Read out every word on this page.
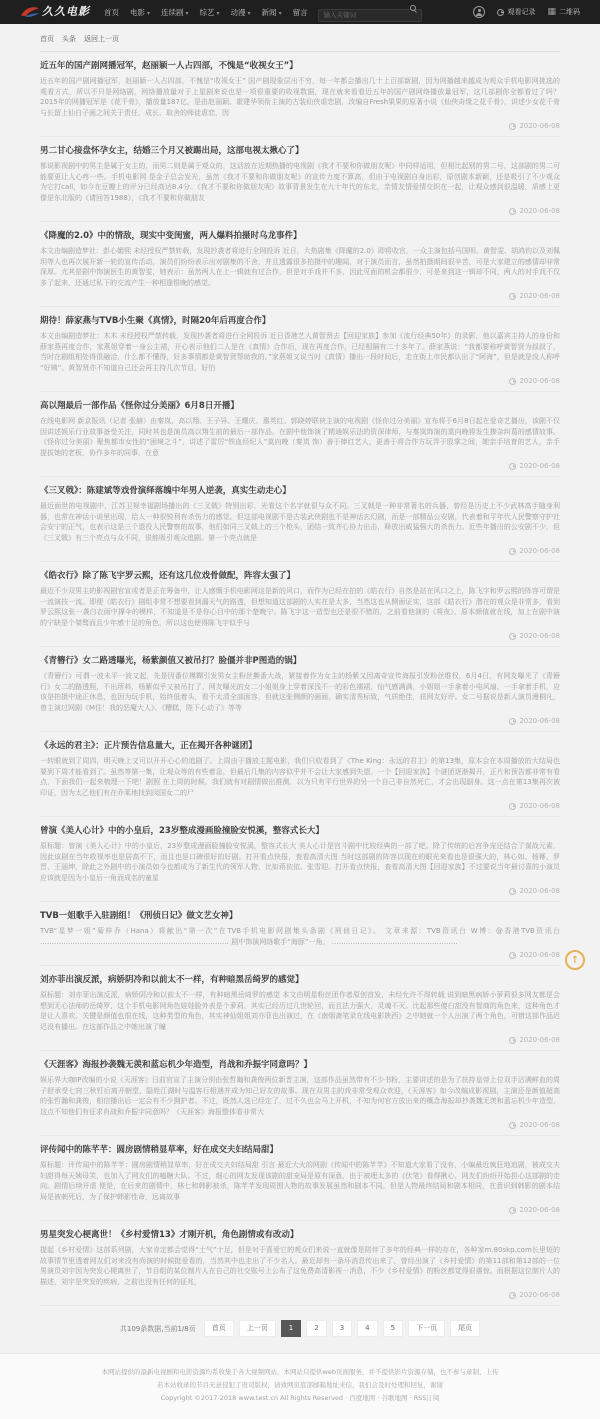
久久电影 首页 电影 ▾	连续剧 ▾	综艺 ▾	动漫 ▾	新闻 ▾	留言
输入关键词	观看记录 ▦ 二维码
首页 头条 返回上一页
近五年的国产剧网播冠军，赵丽颖一人占四部，不愧是“收视女王”】

近五年的国产剧网播冠军，赵丽颖一人占四部，不愧是“收视女王” 国产剧现象层出不穷，每一年都会播出几十上百部新剧，因为网播越来越成为观众手机电影网挑选的观看方式，所以不只是网络剧，网络播放量对于上星剧来说也是一项很重要的收视数据，现在就来看看近五年的国产剧网络播放量冠军，这几部剧你全都看过了吗？2015年的网播冠军是《花千骨》，播放量187亿，是由赵丽颖、霍建华领衔主演的古装仙侠虐恋剧，改编自Fresh果果的原著小说《仙侠奇缘之花千骨》，讲述少女花千骨与长留上仙白子画之间关于责任、成长、取舍的师徒虐恋，因

2020-06-08
男二甘心接盘怀孕女主，结婚三个月又被踢出局，这部电视太揪心了】

都说影视剧中的男主是属于女主的，而男二则是属于观众的，这话放在近期热播的电视剧《我才不要和你做朋友呢》中同样适用，但相比起别的男二号，这部剧的男二可能要更让人心疼一些。手机电影网 是金子总会发光，虽然《我才不要和你做朋友呢》的宣传力度不算高，但由于电视剧自身出彩，原创剧本新颖，还是吸引了不少观众为它打call，如今在豆瓣上的评分已经高达8.4分。《我才不要和你做朋友呢》故事背景发生在九十年代的东北，亲情友情爱情交织在一起，让观众感到很温暖，质感上更像是东北版的《请回答1988》，《我才不要和你做朋友

2020-06-08
《降魔的2.0》中的情敌，现实中变闺蜜，两人爆料拍摄时乌龙事件】

本文由编剧造梦社：彭心媚熙 未经授权严禁转载，发现抄袭者将进行全网投诉 近日，大热剧集《降魔的2.0》即将收官，一众主演包括马国明、黄智雯、胡鸿钧以及刘佩玥等人也再次展开新一轮的宣传活动，演员们纷纷表示出对剧集的不舍，并且透露很多拍摄中的趣闻，对于演员而言，虽然拍摄期间很辛苦，可是大家建立的感情却非常深厚。尤其是剧中饰演医生的黄智雯，她表示：虽然两人在上一辑就有过合作，但是对手戏并不多，因此见面的机会都很少，可是来到这一辑却不同，两人的对手戏不仅多了起来，还通过私下的交流产生一种相逢恨晚的感觉。

2020-06-08
期待！薛家燕与TVB小生聚《真情》，时隔20年后再度合作】

本文由编剧造梦社：木木 未经授权严禁转载，发现抄袭者将进行全网投诉 近日香港艺人黄智贤去【回迎家族】参加《流行经典50年》的录影，他以嘉宾主持人的身份和薛家燕再度合作，家燕姐穿着一身公主裙，开心表示他们二人是在《真情》合作后，现在再度合作，已经相隔有二十多年了。薛家燕说：“我都要称呼黄智贤为叔叔了，当时在剧组相处得很融洽，什么都不懂得，好多事情都是黄智贤帮助我的。”家燕姐又说当时《真情》播出一段时间后，走在街上市民都认出了“阿海”，但是就是没人称呼“好姨”。黄智贤亦不知道自己还会再主持几次节目，好怕

2020-06-08
高以翔最后一部作品《怪你过分美丽》6月8日开播】

在线电影网 新京报讯（记者 张赫）由秦岚、高以翔、王子异、王耀庆、惠英红、郭晓婷联袂主演的电视剧《怪你过分美丽》宣布将于6月8日起在爱奇艺播出，该剧不仅因讲述娱乐行业故事备受关注，同时其也是演员高以翔生前的最后一部作品。在剧中他饰演了精通娱乐法的资深律师，与秦岚饰演的莫向晚将发生掺杂纠葛的感情故事。《怪你过分美丽》聚焦都市女性的“困境之斗”，讲述了雷厉“铁血经纪人”莫向晚（秦岚 饰）善于捧红艺人，更善于将合作方玩弄于股掌之间，她亲手培育的艺人，亲手提拔她的老板，协作多年的同事，在意

2020-06-08
《三叉戟》：陈建斌等戏骨演绎落魄中年男人逆袭，真实生动走心】

最近面世的电视剧中，江苏卫视幸福剧场播出的《三叉戟》特别出彩，光看这个名字就很与众不同。三叉戟是一种非常著名的兵器，曾经是历史上不少武林高手随身利器，也常在神话小说里出现，给人一种很锐利有杀伤力的感觉。但这部电视剧不是古装武侠剧也不是神话玄幻剧，而是一部精品公安剧，代表着和平年代人民警察守护社会安宁的正气，也表示这是三个退役人民警察的故事，他们如同三叉戟上的三个枪头，团结一致齐心协力出击，释放出威猛强大的杀伤力。近些年播出的公安剧不少，但《三叉戟》有三个亮点与众不同，很能吸引观众追剧。第一个亮点就是

2020-06-08
《皓衣行》除了陈飞宇罗云熙，还有这几位戏骨做配，阵容太强了】

最近不少双男主的影视剧官宣或者是正在筹备中，让人感慨手机电影网这是新的风口，而作为已经在拍的《皓衣行》自然是站在风口之上，陈飞宇和罗云熙的阵容可谓是一流演技一流。即便《皓衣行》剧组非常不想要看到漏天气的路透，但想知道这部剧的人实在是太多，当然这也从侧面证实，这部《皓衣行》潜在的观众是非常多，看到罗云熙这张一袭白衣雨中撑伞的模样，不知道是不是你心目中的那个楚晚宁。陈飞宇这一造型也还是很不错的，之前看他演的《将夜》，原本颜值就在线，加上在剧中演的宁缺是个桀骜而且少年感十足的角色，所以这也使得陈飞宇似乎与

2020-06-08
《青簪行》女二路透曝光，杨紫颜值又被吊打？脸僵并非P图造的锅】

《青簪行》可谓一波未平一波又起，先是因番位模糊引发男女主粉丝撕番大战，紧接着作为女主的杨紫又因离奇宣传海报引发粉丝维权，6月4日，有网友曝光了《青簪行》女二的路透照，不出所料，杨紫似乎又被吊打了。网友曝光的女二小姐姐身上穿着深浅不一的彩色襦裙，仙气感满满，小姐姐一手拿着小电风扇，一手拿着手机，应该是拍摄中途正休息，也因为玩手机，始终低着头，看不太清全部面容，但就这张侧颜的画面，确实清秀标致，气质绝佳，获网友好评。女二号据说是新人演员漫桐凡，曾主演过网剧《M住！我的恶魔大人》、《糟糕，陛下心动了》等等

2020-06-08
《永远的君主》：正片预告信息量大，正在揭开各种谜团】

一转眼就到了周四，明天晚上又可以开开心心的追剧了。上周由于播放主题电影，我们只收看到了《The King：永远的君主》的第13集，原本会在本周播放的大结局也要到下周才能看到了。虽然等第一集，让观众等的有些着急，但最后几集的内容似乎并不会让大家感到失望。一个【回迎家族】个谜团逐渐揭开，正片和预告都非常有看点，下面我们一起来梳理一下吧！剧照 在上周的时候，我们就有对剧情做出推测，以为只有平行世界的另一个自己非自然死亡，才会出现副身。这一点在第13集再次被印证，因为太乙他们有在乔莱地找到闵国女二的尸

2020-06-08
曾演《美人心计》中的小皇后，23岁整成漫画脸撞脸安悦溪，整容式长大】

原标题：曾演《美人心计》中的小皇后，23岁整成漫画脸撞脸安悦溪，整容式长大 美人心计是宫斗剧中比较经典的一部了吧。除了传统的后宫争宠还结合了谋战元素，因此该剧在当年收视率也是居高不下，而且也是口碑很好的好剧。打开看点快报，查看高清大图 当时这部剧的阵容以现在的眼光来看也是很强大的，林心如、杨幂、罗晋、王丽坤，除此之外剧中的小演员如今也都成为了新生代的领军人物，比如蒋依依、张雪迎。打开看点快报，查看高清大图【回迎家族】不过要说当年最讨喜的小演员应该就是因为小皇后一角而成名的童星

2020-06-08
TVB一姐歌手入驻剧组！《刑侦日记》做文艺女神】

TVB“星梦一姐”菊梓乔（Hana）将献出“第一次”在TVB手机电影网剧集头条剧《刑侦日记》。 文章来源：TVB资讯台 W博：@香港TVB资讯台 ……………………………………………………………………… 剧中饰演网络歌手“海豚”一角。 ………………………………………………

2020-06-08
刘亦菲出演反派，病娇阴冷和以前太不一样，有种暗黑岳绮罗的感觉】

原标题：刘亦菲出演反派，病娇阴冷和以前太不一样，有种暗黑岳绮罗的感觉 本文由明星粉丝团作者原创首发，未经允许不得转载 说到暗黑病娇小萝莉很多网友都是会想到无心法师的岳绮罗，这个手机电影网角色娃娃脸外表是个萝莉，其实已经历过几世轮回，而且法力强大，灵魂不灭。比起那些傻白甜没有智商的角色来，这种角色才是让人喜欢，关键是颜值也很在线，这种类型的角色，其实神仙姐姐刘亦菲也出演过，在《南烟斋笔录在线电影陕西》之中她就一个人出演了两个角色，可惜这部作品迟迟没有播出。在这部作品之中她出演了瞳

2020-06-08
《天涯客》海报抄袭魏无羡和蓝忘机少年造型，肖战和乔振宇同意吗？】

娱乐界大咖IP改编的小说《天涯客》日前官宣了主演分别由张哲瀚和龚俊两位新晋主演，这部作品虽然带有不少书粉，主要讲述的是为了扶持皇帝上位双手沾满鲜血的周子舒承受七窍三秋钉后离开朝堂，隐姓江湖时与温客行相遇并成为知己好友的故事。现在双男主的戏非常受观众欢迎，《天涯客》如今改编成影视剧，主演还是颜值超高的张哲瀚和龚俊，相信播出后一定会有不少拥护者。不过，既然人选已经定了，过不久也会马上开机，不知为何官方放出来的概念海报却抄袭魏无羡和蓝忘机少年造型，这点不知他们有征求肖战和乔振宇同意吗？《天涯客》海报整体看非常大

2020-06-08
评传闻中的陈芊芊：圆房剧情稍显草率，好在成交夫妇结局甜】

原标题：评传闻中的陈芊芊：圆房剧情稍显草率，好在成交夫妇结局甜 引言 最近大火的网剧《传闻中的陈芊芊》不知道大家看了没有，小编最近疯狂地追剧，被成交夫妇甜得每天姨母笑，也加入了网友们的嗑糖大队。不过，细心的网友发现该剧的甜宠局是原有深意，由于被埋太多的《伏笔》看得揪心，网友们纷纷开始担心这部剧的走向。剧情后续开虐 便是，在后来的剧情中，林七和韩影被杀，陈芊芊发现周围人物的故事发展虽然和剧本不同，但是人物最终结局和剧本相同，在意识到韩影的剧本结局是被刺死后，为了保护韩影性命，远离故事

2020-06-08
男星突发心梗离世！《乡村爱情13》才刚开机，角色剧情或有改动】

提起《乡村爱情》这部系列剧，大家肯定都会觉得“土气”十足，但是对于喜爱它的观众们来说一直就像是陪伴了多年的经典一样的存在，各种家m.80skp.com长里短的故事情节里透着网友们对来没有尚演的时候挺爱看的，当然其中也走出了不少名人。最近却有一条坏消息传出来了，曾经出演了《乡村爱情》的第11部和第12部的一位男演员刘宇因为突发心梗离世了，节目组的某位制片人在自己的社交账号上公布了这免费高清影视一消息，不少《乡村爱情》的粉丝都觉得很震惊。而根据这位制片人的描述，刘宇是突发的疾病，之前也没有任何的征兆，

2020-06-08
共109条数据,当前1/8页	首页	上一页	1	2	3	4	5	下一页	尾页
↑

本网站提供的最新电视剧和电影资源均系收集于各大视频网站，本网站只提供web页面服务，并不提供影片资源存储，也不参与录制、上传

若本站收录的节目无意侵犯了贵司版权，请致网页底部邮箱地址来信，我们会及时处理和回复，谢谢

Copyright ©2017-2018 www.test.cn All Rights Reserved · 百度地图 · 谷歌地图 · RSS订阅
